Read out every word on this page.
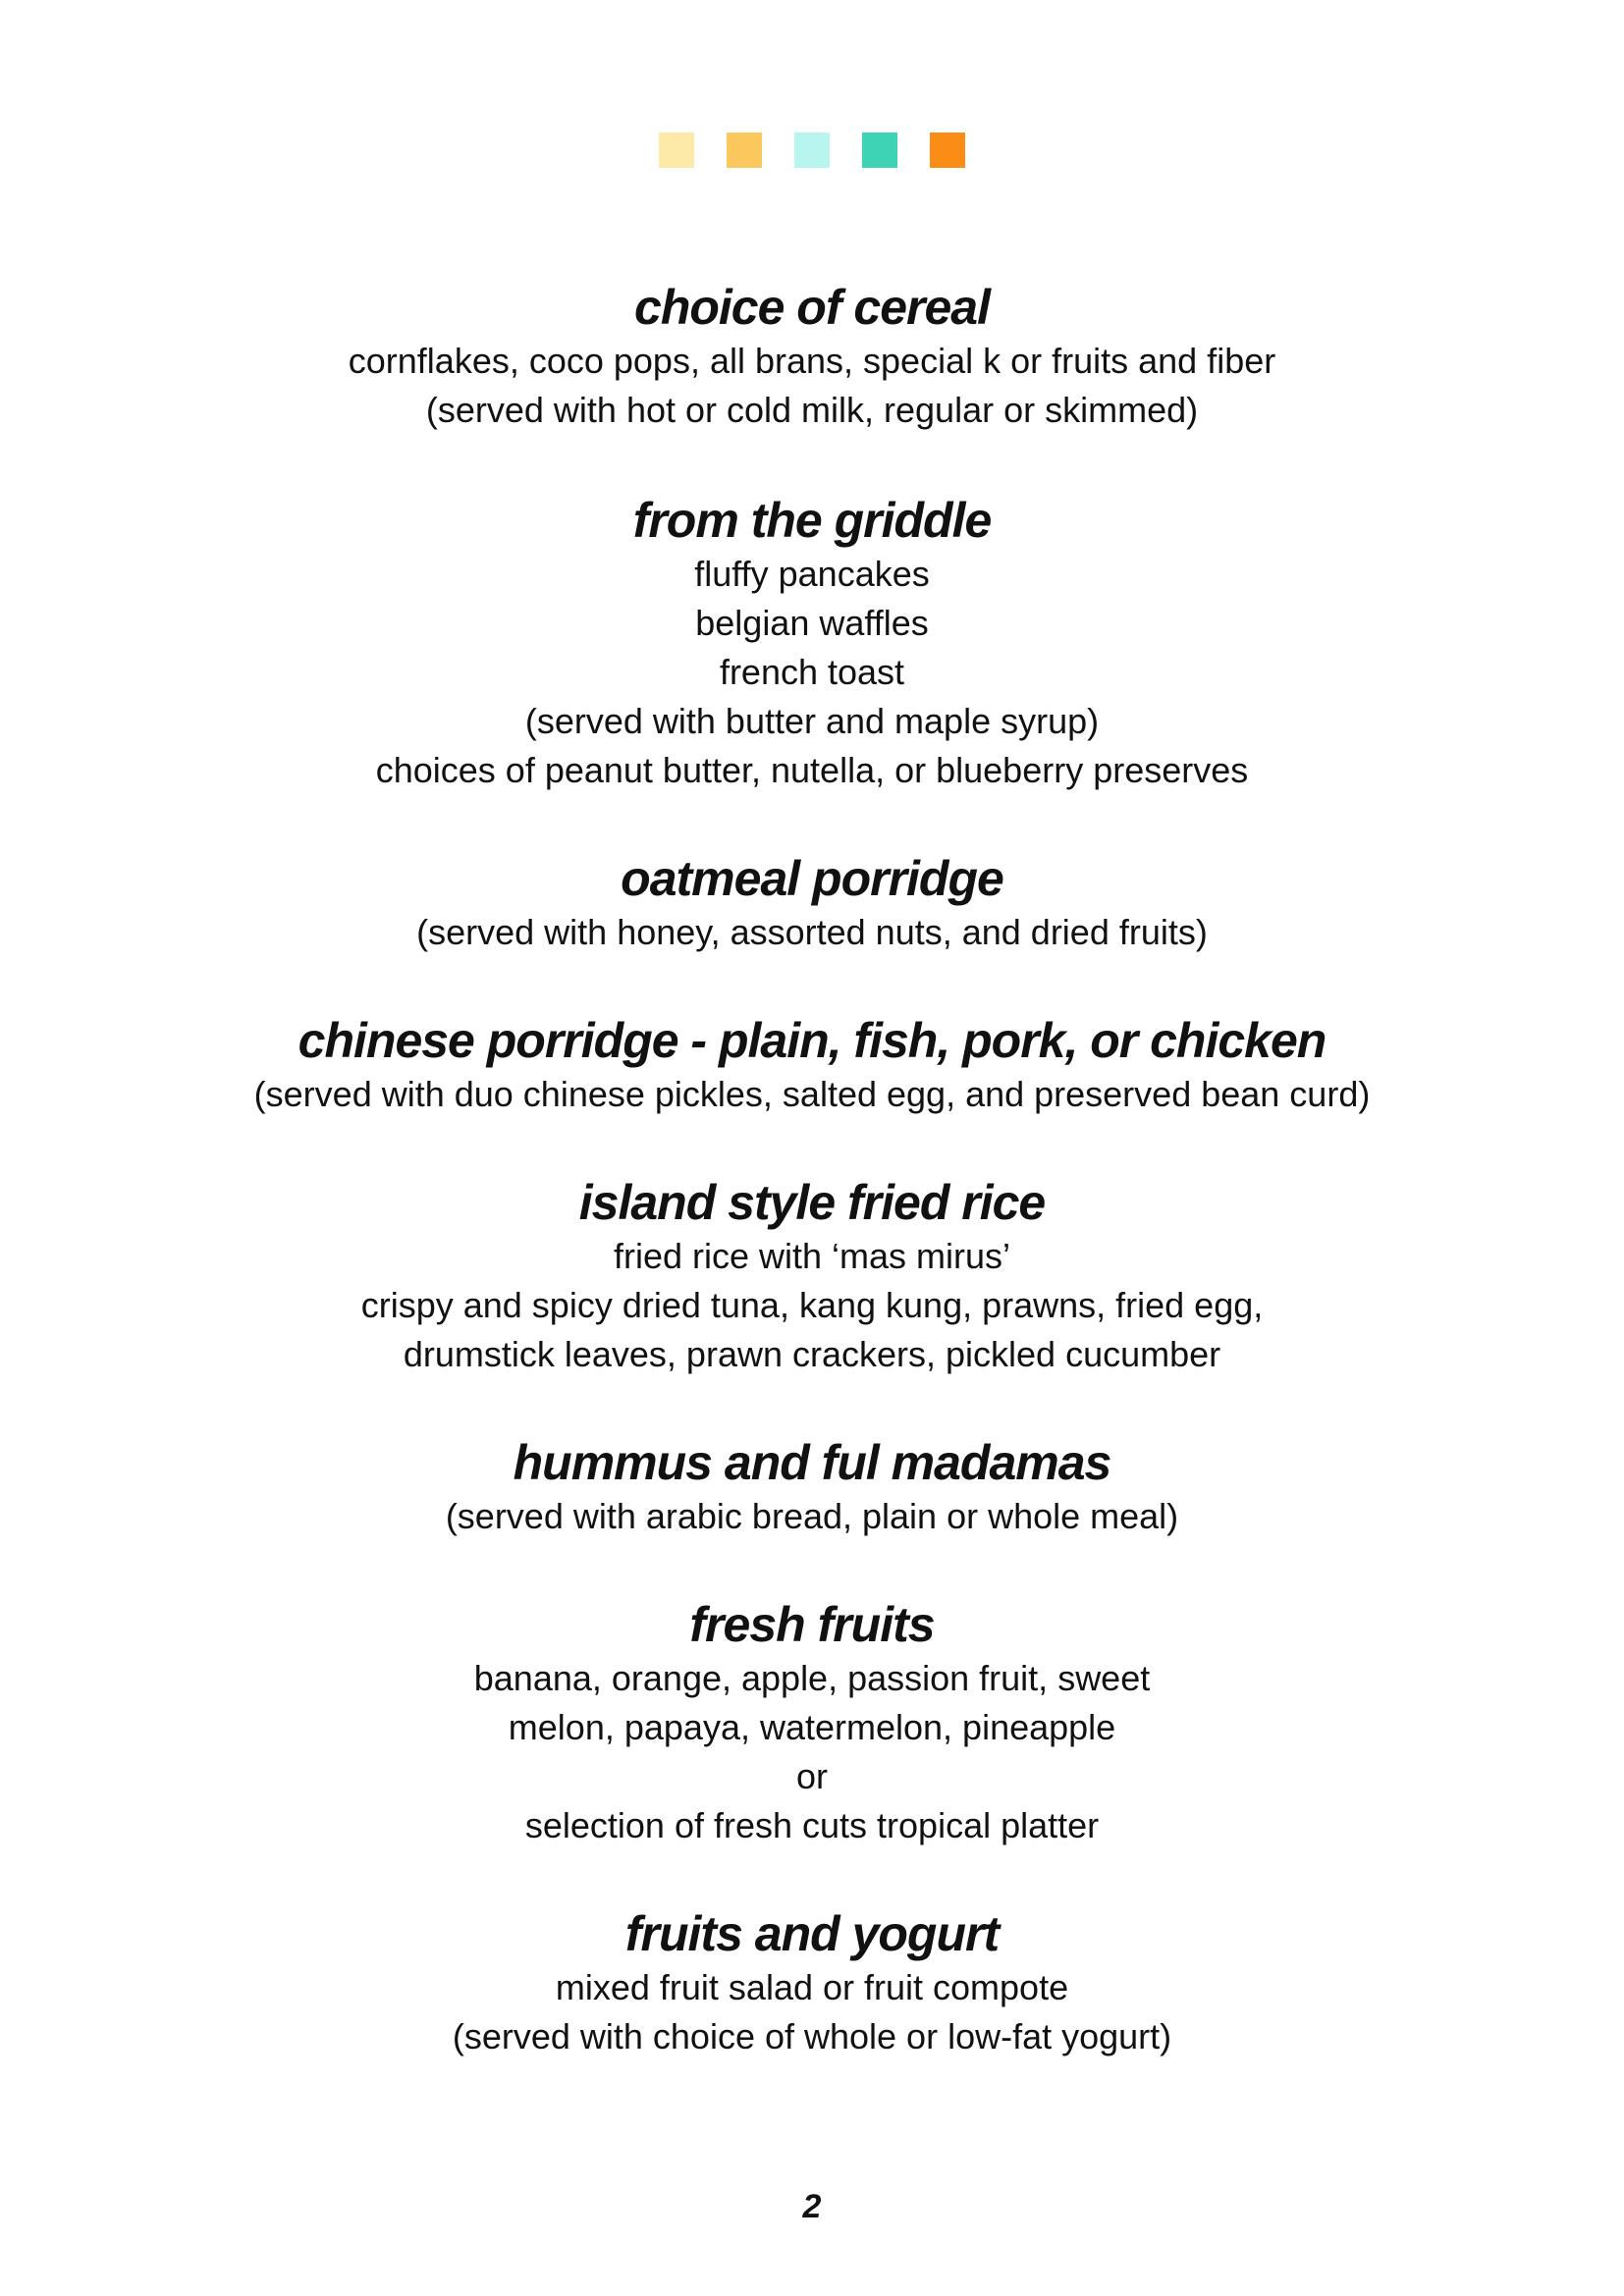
choice of cereal

cornflakes, coco pops, all brans, special k or fruits and fiber

(served with hot or cold milk, regular or skimmed)

from the griddle

fluffy pancakes

belgian waffles

french toast

(served with butter and maple syrup)

choices of peanut butter, nutella, or blueberry preserves

oatmeal porridge

(served with honey, assorted nuts, and dried fruits)

chinese porridge - plain, fish, pork, or chicken

(served with duo chinese pickles, salted egg, and preserved bean curd)

island style fried rice

fried rice with ‘mas mirus’

crispy and spicy dried tuna, kang kung, prawns, fried egg,

drumstick leaves, prawn crackers, pickled cucumber

hummus and ful madamas

(served with arabic bread, plain or whole meal)

fresh fruits

banana, orange, apple, passion fruit, sweet

melon, papaya, watermelon, pineapple

or

selection of fresh cuts tropical platter

fruits and yogurt

mixed fruit salad or fruit compote

(served with choice of whole or low-fat yogurt)

2
